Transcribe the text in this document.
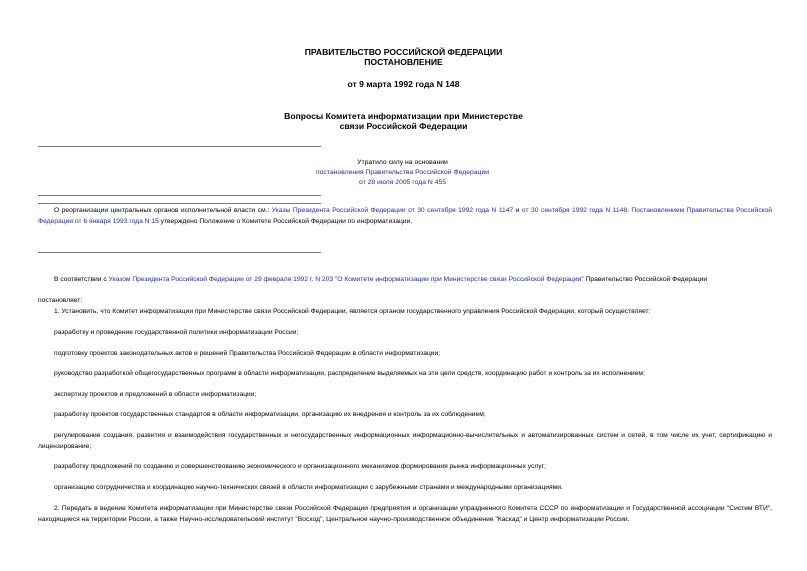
ПРАВИТЕЛЬСТВО РОССИЙСКОЙ ФЕДЕРАЦИИ
ПОСТАНОВЛЕНИЕ
от 9 марта 1992 года N 148
Вопросы Комитета информатизации при Министерстве
связи Российской Федерации
Утратило силу на основании
постановления Правительства Российской Федерации
от 28 июля 2005 года N 455
О реорганизации центральных органов исполнительной власти см.: Указы Президента Российской Федерации от 30 сентября 1992 года N 1147 и от 30 сентября 1992 года N 1148. Постановлением Правительства Российской Федерации от 6 января 1993 года N 15 утверждено Положение о Комитете Российской Федерации по информатизации.
В соответствии с Указом Президента Российской Федерации от 29 февраля 1992 г. N 203 "О Комитете информатизации при Министерстве связи Российской Федерации" Правительство Российской Федерации
постановляет:
1. Установить, что Комитет информатизации при Министерстве связи Российской Федерации, является органом государственного управления Российской Федерации, который осуществляет:
разработку и проведение государственной политики информатизации России;
подготовку проектов законодательных актов и решений Правительства Российской Федерации в области информатизации;
руководство разработкой общегосударственных программ в области информатизации, распределение выделяемых на эти цели средств, координацию работ и контроль за их исполнением;
экспертизу проектов и предложений в области информатизации;
разработку проектов государственных стандартов в области информатизации, организацию их внедрения и контроль за их соблюдением;
регулирование создания, развития и взаимодействия государственных и негосударственных информационных информационно-вычислительных и автоматизированных систем и сетей, в том числе их учет, сертификацию и лицензирование;
разработку предложений по созданию и совершенствованию экономического и организационного механизмов формирования рынка информационных услуг;
организацию сотрудничества и координацию научно-технических связей в области информатизации с зарубежными странами и международными организациями.
2. Передать в ведение Комитета информатизации при Министерстве связи Российской Федерации предприятия и организации упраздненного Комитета СССР по информатизации и Государственной ассоциации "Систем ВТИ", находящиеся на территории России, а также Научно-исследовательский институт "Восход", Центральное научно-производственное объединение "Каскад" и Центр информатизации России.
